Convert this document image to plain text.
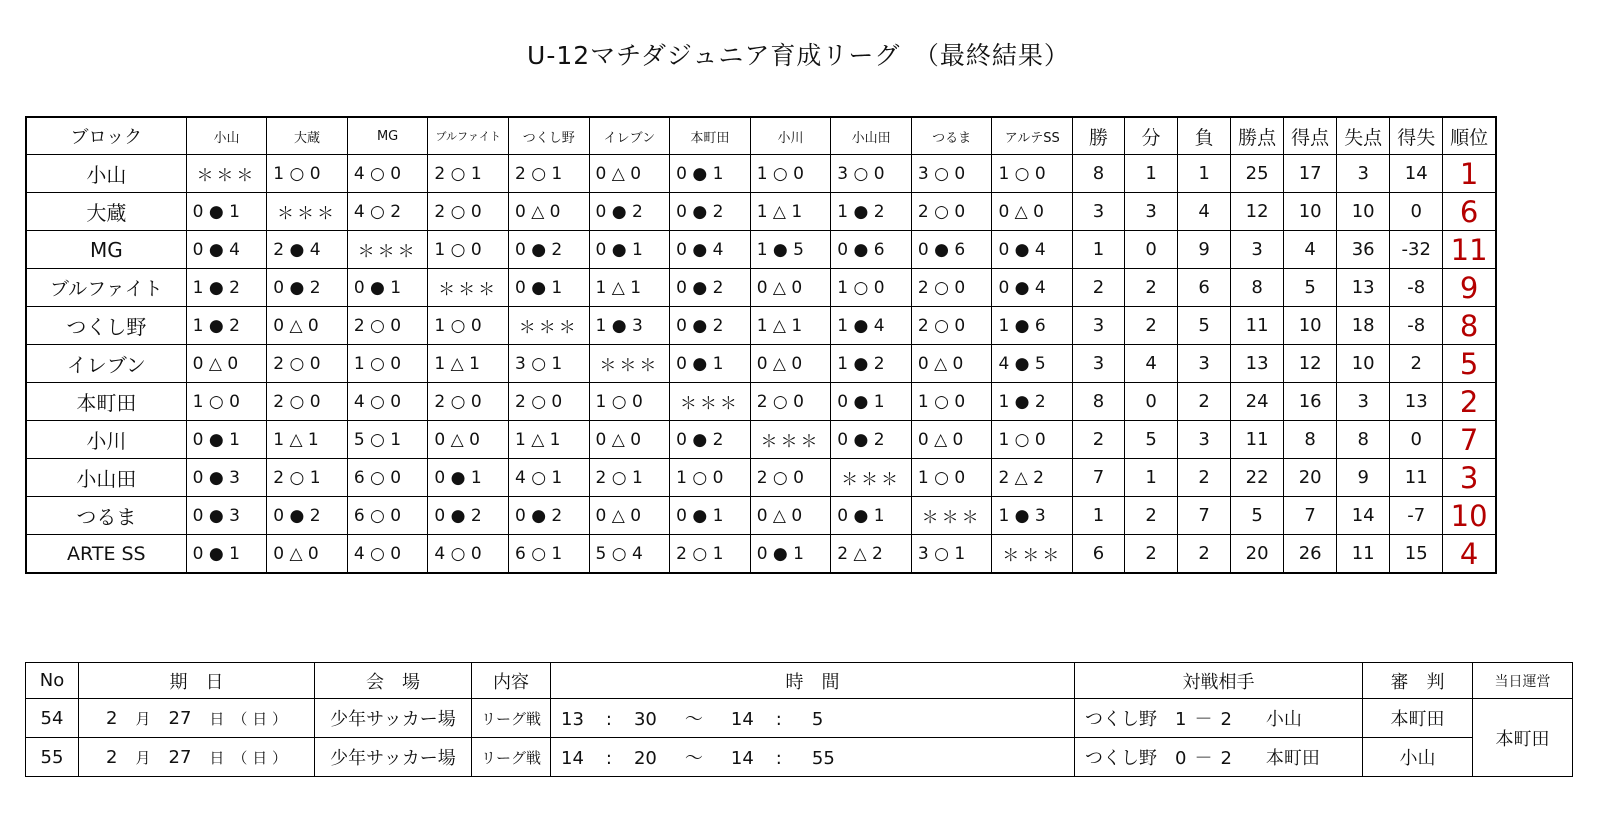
U-12マチダジュニア育成リーグ　（最終結果）
ブロック	小山	大蔵	MG	ブルファイト	つくし野	イレブン	本町田	小川	小山田	つるま	アルテSS	勝	分	負	勝点	得点	失点	得失	順位
小山	＊＊＊	1 ○ 0	4 ○ 0	2 ○ 1	2 ○ 1	0 △ 0	0 ● 1	1 ○ 0	3 ○ 0	3 ○ 0	1 ○ 0	8	1	1	25	17	3	14	1
大蔵	0 ● 1	＊＊＊	4 ○ 2	2 ○ 0	0 △ 0	0 ● 2	0 ● 2	1 △ 1	1 ● 2	2 ○ 0	0 △ 0	3	3	4	12	10	10	0	6
MG	0 ● 4	2 ● 4	＊＊＊	1 ○ 0	0 ● 2	0 ● 1	0 ● 4	1 ● 5	0 ● 6	0 ● 6	0 ● 4	1	0	9	3	4	36	-32	11
ブルファイト	1 ● 2	0 ● 2	0 ● 1	＊＊＊	0 ● 1	1 △ 1	0 ● 2	0 △ 0	1 ○ 0	2 ○ 0	0 ● 4	2	2	6	8	5	13	-8	9
つくし野	1 ● 2	0 △ 0	2 ○ 0	1 ○ 0	＊＊＊	1 ● 3	0 ● 2	1 △ 1	1 ● 4	2 ○ 0	1 ● 6	3	2	5	11	10	18	-8	8
イレブン	0 △ 0	2 ○ 0	1 ○ 0	1 △ 1	3 ○ 1	＊＊＊	0 ● 1	0 △ 0	1 ● 2	0 △ 0	4 ● 5	3	4	3	13	12	10	2	5
本町田	1 ○ 0	2 ○ 0	4 ○ 0	2 ○ 0	2 ○ 0	1 ○ 0	＊＊＊	2 ○ 0	0 ● 1	1 ○ 0	1 ● 2	8	0	2	24	16	3	13	2
小川	0 ● 1	1 △ 1	5 ○ 1	0 △ 0	1 △ 1	0 △ 0	0 ● 2	＊＊＊	0 ● 2	0 △ 0	1 ○ 0	2	5	3	11	8	8	0	7
小山田	0 ● 3	2 ○ 1	6 ○ 0	0 ● 1	4 ○ 1	2 ○ 1	1 ○ 0	2 ○ 0	＊＊＊	1 ○ 0	2 △ 2	7	1	2	22	20	9	11	3
つるま	0 ● 3	0 ● 2	6 ○ 0	0 ● 2	0 ● 2	0 △ 0	0 ● 1	0 △ 0	0 ● 1	＊＊＊	1 ● 3	1	2	7	5	7	14	-7	10
ARTE SS	0 ● 1	0 △ 0	4 ○ 0	4 ○ 0	6 ○ 1	5 ○ 4	2 ○ 1	0 ● 1	2 △ 2	3 ○ 1	＊＊＊	6	2	2	20	26	11	15	4
No	期　日	会　場	内容	時　間	対戦相手	審　判	当日運営
54	2 月 27 日 （ 日 ）	少年サッカー場	リーグ戦	13 : 30 ～ 14 : 5	つくし野 1 － 2 小山	本町田	本町田
55	2 月 27 日 （ 日 ）	少年サッカー場	リーグ戦	14 : 20 ～ 14 : 55	つくし野 0 － 2 本町田	小山	
